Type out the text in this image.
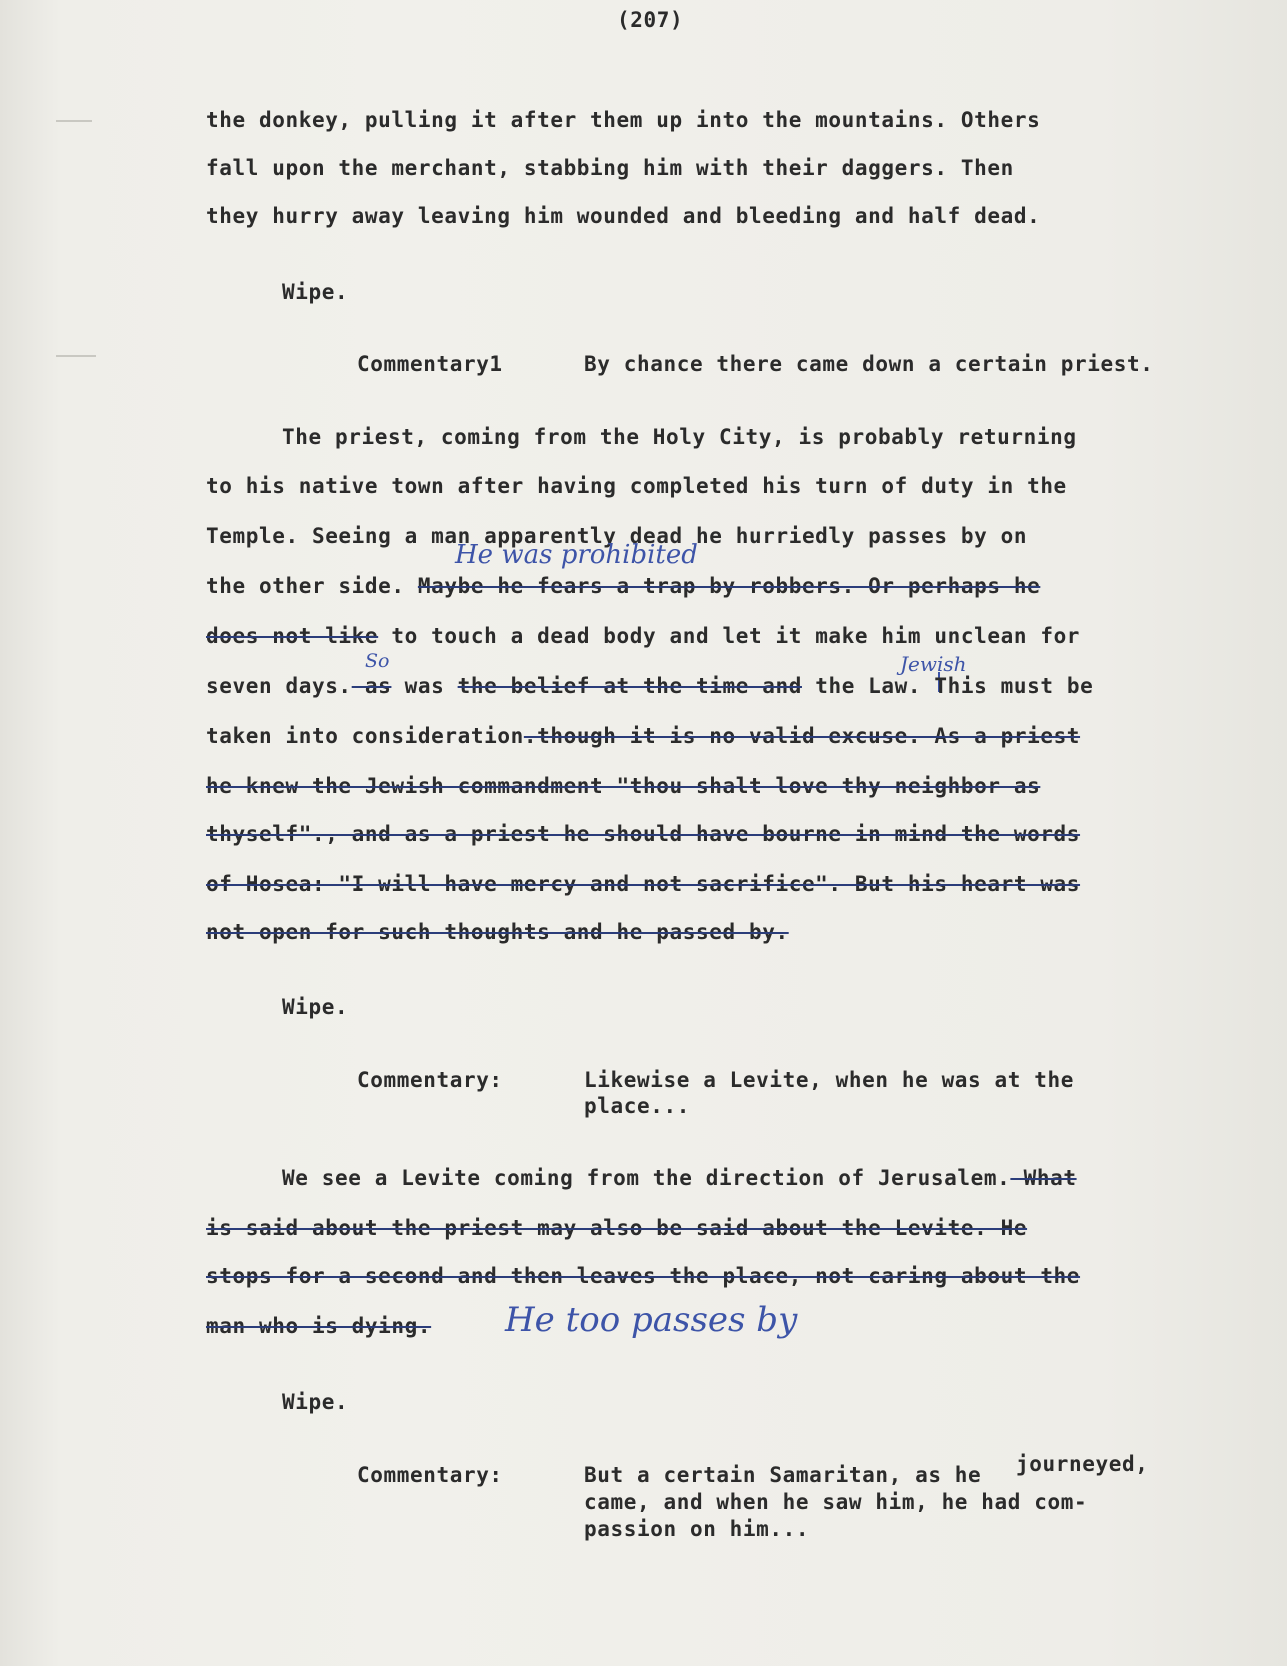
(207)
the donkey, pulling it after them up into the mountains. Others
fall upon the merchant, stabbing him with their daggers. Then
they hurry away leaving him wounded and bleeding and half dead.
Wipe.
Commentary1	By chance there came down a certain priest.
The priest, coming from the Holy City, is probably returning
to his native town after having completed his turn of duty in the
Temple. Seeing a man apparently dead he hurriedly passes by on
He was prohibited
the other side. Maybe he fears a trap by robbers. Or perhaps he
does not like to touch a dead body and let it make him unclean for
So	Jewish
seven days. as was the belief at the time and the Law. This must be
taken into consideration.though it is no valid excuse. As a priest
he knew the Jewish commandment "thou shalt love thy neighbor as
thyself"., and as a priest he should have bourne in mind the words
of Hosea: "I will have mercy and not sacrifice". But his heart was
not open for such thoughts and he passed by.
Wipe.
Commentary:	Likewise a Levite, when he was at the
place...
We see a Levite coming from the direction of Jerusalem. What
is said about the priest may also be said about the Levite. He
stops for a second and then leaves the place, not caring about the
man who is dying. He too passes by
Wipe.
Commentary:	But a certain Samaritan, as he journeyed,
came, and when he saw him, he had com-
passion on him...
